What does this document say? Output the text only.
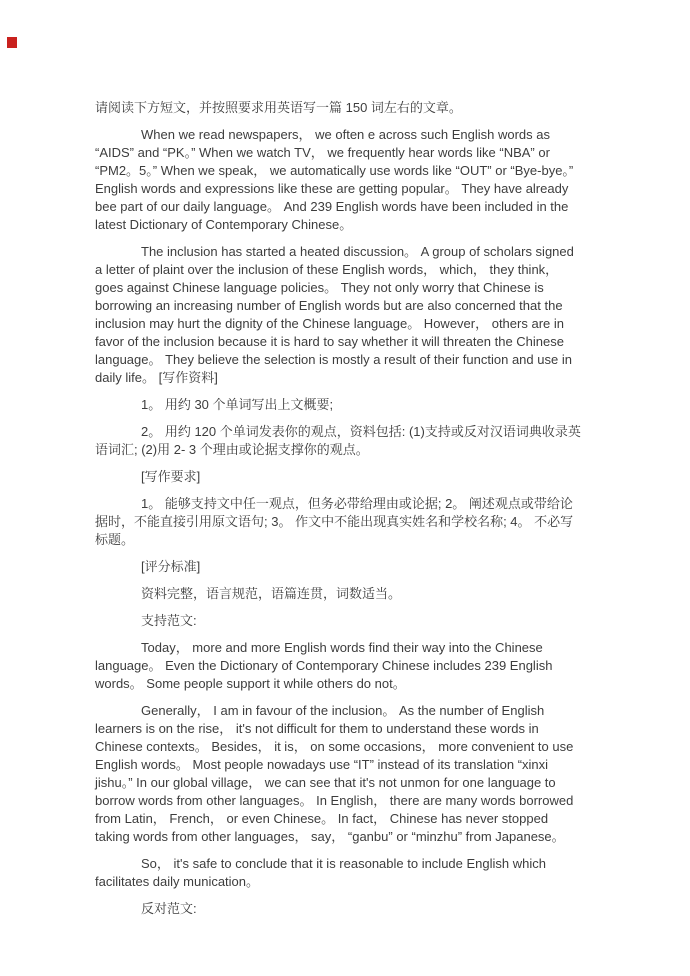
请阅读下方短文，并按照要求用英语写一篇 150 词左右的文章。

When we read newspapers， we often e across such English words as “AIDS” and “PK。” When we watch TV， we frequently hear words like “NBA” or “PM2。5。” When we speak， we automatically use words like “OUT” or “Bye-bye。” English words and expressions like these are getting popular。 They have already bee part of our daily language。 And 239 English words have been included in the latest Dictionary of Contemporary Chinese。

The inclusion has started a heated discussion。 A group of scholars signed a letter of plaint over the inclusion of these English words， which， they think， goes against Chinese language policies。 They not only worry that Chinese is borrowing an increasing number of English words but are also concerned that the inclusion may hurt the dignity of the Chinese language。 However， others are in favor of the inclusion because it is hard to say whether it will threaten the Chinese language。 They believe the selection is mostly a result of their function and use in daily life。 [写作资料]

1。 用约 30 个单词写出上文概要;

2。 用约 120 个单词发表你的观点，资料包括: (1)支持或反对汉语词典收录英语词汇; (2)用 2- 3 个理由或论据支撑你的观点。

[写作要求]

1。 能够支持文中任一观点，但务必带给理由或论据; 2。 阐述观点或带给论据时，不能直接引用原文语句; 3。 作文中不能出现真实姓名和学校名称; 4。 不必写标题。

[评分标准]

资料完整，语言规范，语篇连贯，词数适当。

支持范文:

Today， more and more English words find their way into the Chinese language。 Even the Dictionary of Contemporary Chinese includes 239 English words。 Some people support it while others do not。

Generally， I am in favour of the inclusion。 As the number of English learners is on the rise， it's not difficult for them to understand these words in Chinese contexts。 Besides， it is， on some occasions， more convenient to use English words。 Most people nowadays use “IT” instead of its translation “xinxi jishu。” In our global village， we can see that it's not unmon for one language to borrow words from other languages。 In English， there are many words borrowed from Latin， French， or even Chinese。 In fact， Chinese has never stopped taking words from other languages， say， “ganbu” or “minzhu” from Japanese。

So， it's safe to conclude that it is reasonable to include English which facilitates daily munication。

反对范文:
